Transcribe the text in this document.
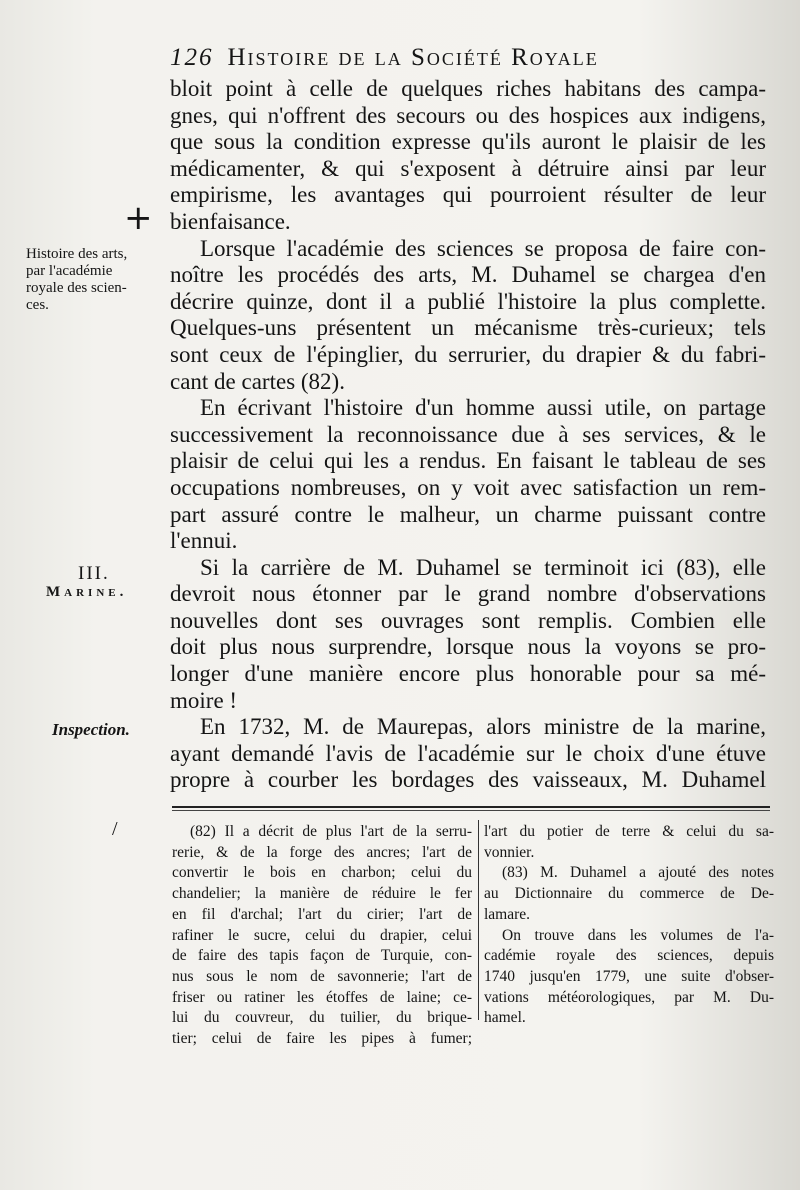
126 Histoire de la Société Royale
+
Histoire des arts,
par l'académie
royale des scien-
ces.
III.
Marine.
Inspection.

bloit point à celle de quelques riches habitans des campa-
gnes, qui n'offrent des secours ou des hospices aux indigens,
que sous la condition expresse qu'ils auront le plaisir de les
médicamenter, & qui s'exposent à détruire ainsi par leur
empirisme, les avantages qui pourroient résulter de leur
bienfaisance.

Lorsque l'académie des sciences se proposa de faire con-
noître les procédés des arts, M. Duhamel se chargea d'en
décrire quinze, dont il a publié l'histoire la plus complette.
Quelques-uns présentent un mécanisme très-curieux; tels
sont ceux de l'épinglier, du serrurier, du drapier & du fabri-
cant de cartes (82).

En écrivant l'histoire d'un homme aussi utile, on partage
successivement la reconnoissance due à ses services, & le
plaisir de celui qui les a rendus. En faisant le tableau de ses
occupations nombreuses, on y voit avec satisfaction un rem-
part assuré contre le malheur, un charme puissant contre
l'ennui.

Si la carrière de M. Duhamel se terminoit ici (83), elle
devroit nous étonner par le grand nombre d'observations
nouvelles dont ses ouvrages sont remplis. Combien elle
doit plus nous surprendre, lorsque nous la voyons se pro-
longer d'une manière encore plus honorable pour sa mé-
moire !

En 1732, M. de Maurepas, alors ministre de la marine,
ayant demandé l'avis de l'académie sur le choix d'une étuve
propre à courber les bordages des vaisseaux, M. Duhamel

/	(82) Il a décrit de plus l'art de la serru-
rerie, & de la forge des ancres; l'art de
convertir le bois en charbon; celui du
chandelier; la manière de réduire le fer
en fil d'archal; l'art du cirier; l'art de
rafiner le sucre, celui du drapier, celui
de faire des tapis façon de Turquie, con-
nus sous le nom de savonnerie; l'art de
friser ou ratiner les étoffes de laine; ce-
lui du couvreur, du tuilier, du brique-
tier; celui de faire les pipes à fumer;
l'art du potier de terre & celui du sa-
vonnier.
(83) M. Duhamel a ajouté des notes
au Dictionnaire du commerce de De-
lamare.
On trouve dans les volumes de l'a-
cadémie royale des sciences, depuis
1740 jusqu'en 1779, une suite d'obser-
vations météorologiques, par M. Du-
hamel.
